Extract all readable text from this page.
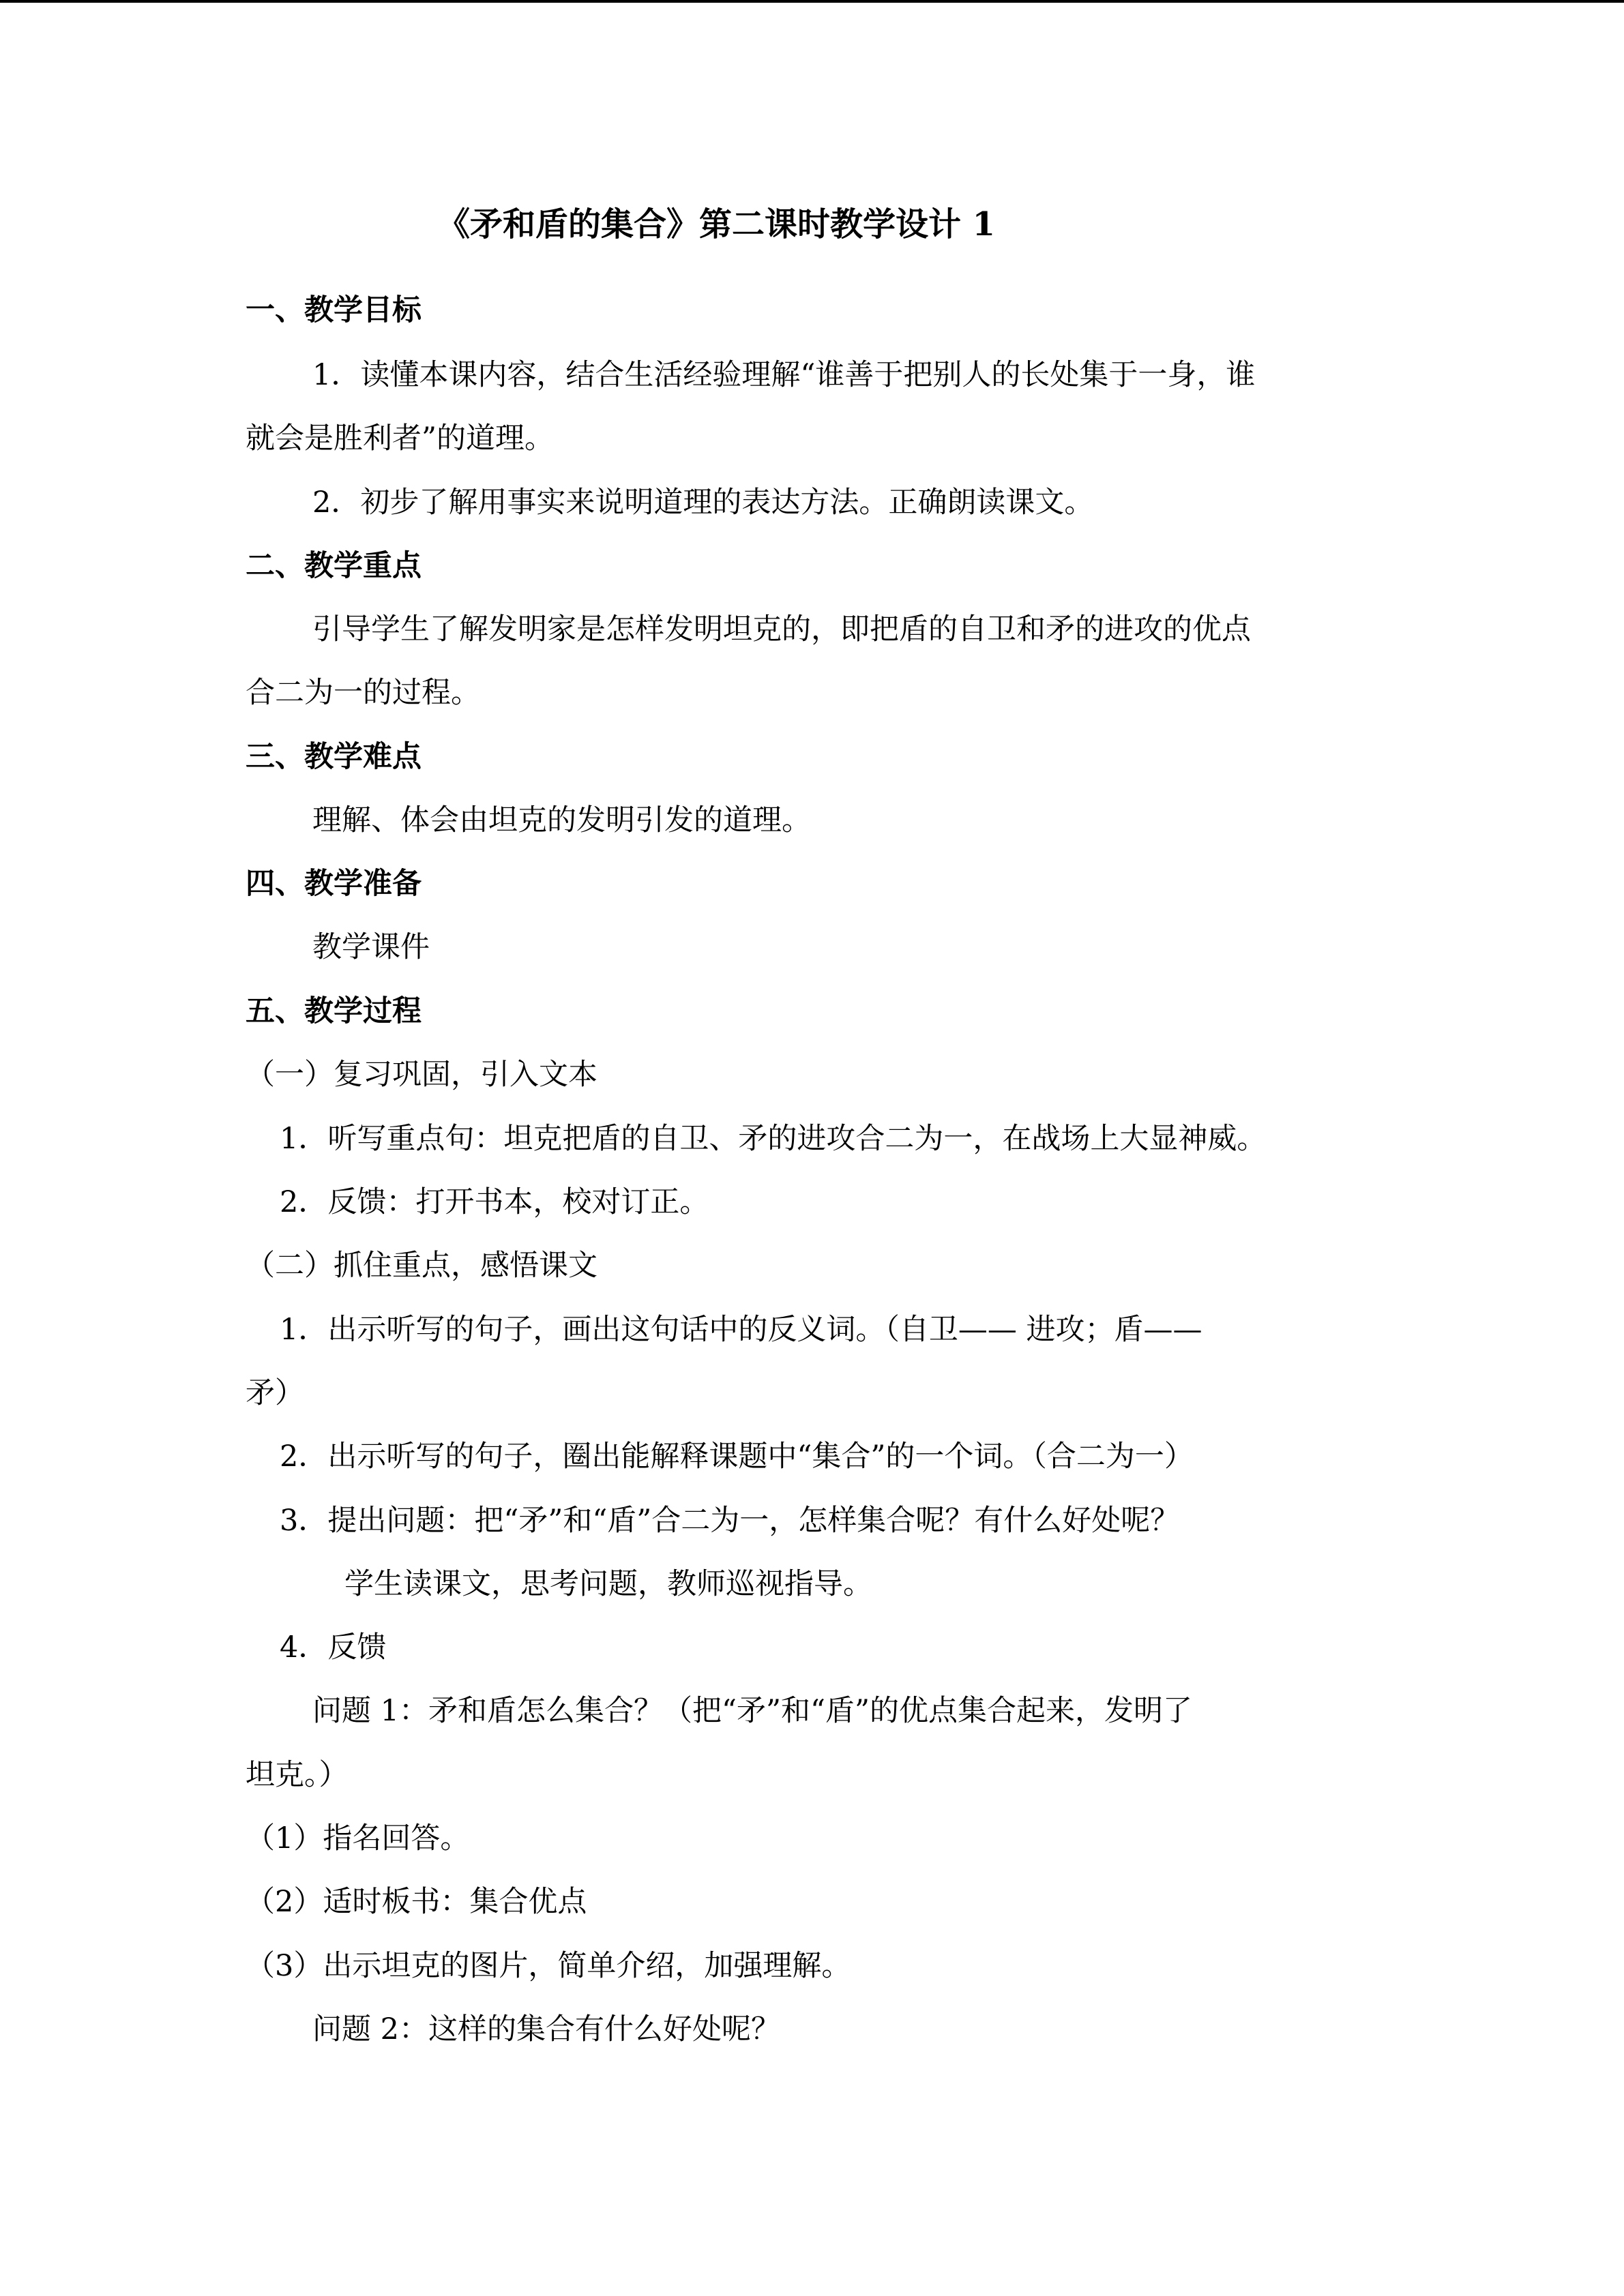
《矛和盾的集合》第二课时教学设计 1
一、教学目标
1．读懂本课内容，结合生活经验理解“谁善于把别人的长处集于一身，谁
就会是胜利者”的道理。
2．初步了解用事实来说明道理的表达方法。正确朗读课文。
二、教学重点
引导学生了解发明家是怎样发明坦克的，即把盾的自卫和矛的进攻的优点
合二为一的过程。
三、教学难点
理解、体会由坦克的发明引发的道理。
四、教学准备
教学课件
五、教学过程
（一）复习巩固，引入文本
1．听写重点句：坦克把盾的自卫、矛的进攻合二为一，在战场上大显神威。
2．反馈：打开书本，校对订正。
（二）抓住重点，感悟课文
1．出示听写的句子，画出这句话中的反义词。（自卫—— 进攻；盾——
矛）
2．出示听写的句子，圈出能解释课题中“集合”的一个词。（合二为一）
3．提出问题：把“矛”和“盾”合二为一，怎样集合呢？有什么好处呢？
学生读课文，思考问题，教师巡视指导。
4．反馈
问题 1：矛和盾怎么集合？（把“矛”和“盾”的优点集合起来，发明了
坦克。）
（1）指名回答。
（2）适时板书：集合优点
（3）出示坦克的图片，简单介绍，加强理解。
问题 2：这样的集合有什么好处呢？
